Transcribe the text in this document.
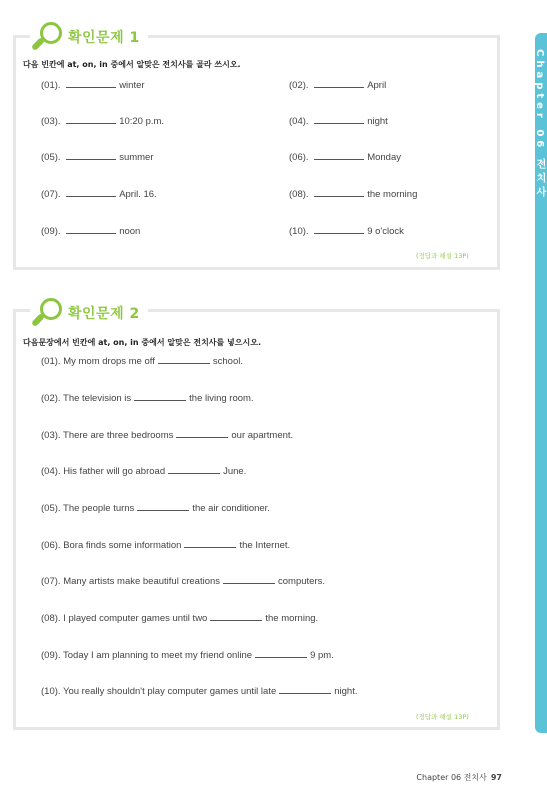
확인문제 1
다음 빈칸에 at, on, in 중에서 알맞은 전치사를 골라 쓰시오.
(01).	winter	(02).	April
(03).	10:20 p.m.	(04).	night
(05).	summer	(06).	Monday
(07).	April. 16.	(08).	the morning
(09).	noon	(10).	9 o'clock
(정답과 해설 13P)
확인문제 2
다음문장에서 빈칸에 at, on, in 중에서 알맞은 전치사를 넣으시오.
(01). My mom drops me off	school.
(02). The television is	the living room.
(03). There are three bedrooms	our apartment.
(04). His father will go abroad	June.
(05). The people turns	the air conditioner.
(06). Bora finds some information	the Internet.
(07). Many artists make beautiful creations	computers.
(08). I played computer games until two	the morning.
(09). Today I am planning to meet my friend online	9 pm.
(10). You really shouldn't play computer games until late	night.
(정답과 해설 13P)
Chapter 06 전치사
Chapter 06 전치사 97
